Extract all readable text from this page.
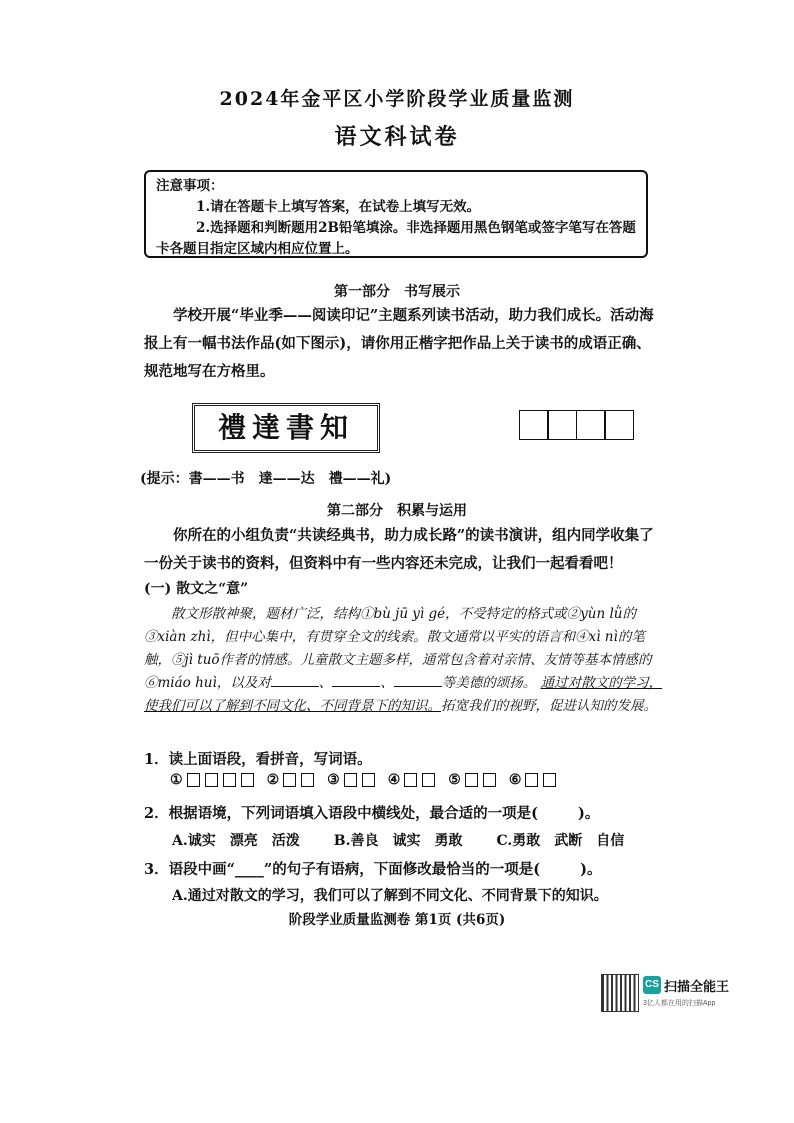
2024年金平区小学阶段学业质量监测
语文科试卷
注意事项：
1.请在答题卡上填写答案，在试卷上填写无效。
2.选择题和判断题用2B铅笔填涂。非选择题用黑色钢笔或签字笔写在答题
卡各题目指定区域内相应位置上。
第一部分　书写展示
学校开展“毕业季——阅读印记”主题系列读书活动，助力我们成长。活动海报上有一幅书法作品(如下图示)，请你用正楷字把作品上关于读书的成语正确、规范地写在方格里。
禮達書知
(提示：書——书　達——达　禮——礼)
第二部分　积累与运用
你所在的小组负责“共读经典书，助力成长路”的读书演讲，组内同学收集了一份关于读书的资料，但资料中有一些内容还未完成，让我们一起看看吧！
(一) 散文之“意”
散文形散神聚，题材广泛，结构①bù jū yì gé，不受特定的格式或②yùn lǜ的③xiàn zhì，但中心集中，有贯穿全文的线索。散文通常以平实的语言和④xì nì的笔触，⑤jì tuō作者的情感。儿童散文主题多样，通常包含着对亲情、友情等基本情感的⑥miáo huì，以及对	、	、	等美德的颂扬。 通过对散文的学习，使我们可以了解到不同文化、不同背景下的知识。拓宽我们的视野，促进认知的发展。
1．读上面语段，看拼音，写词语。
①	②	③	④	⑤	⑥
2．根据语境，下列词语填入语段中横线处，最合适的一项是(	)。
A.诚实　漂亮　活泼 B.善良　诚实　勇敢 C.勇敢　武断　自信
3．语段中画“____”的句子有语病，下面修改最恰当的一项是(	)。
A.通过对散文的学习，我们可以了解到不同文化、不同背景下的知识。
阶段学业质量监测卷 第1页 (共6页)
CS 扫描全能王
3亿人都在用的扫描App
